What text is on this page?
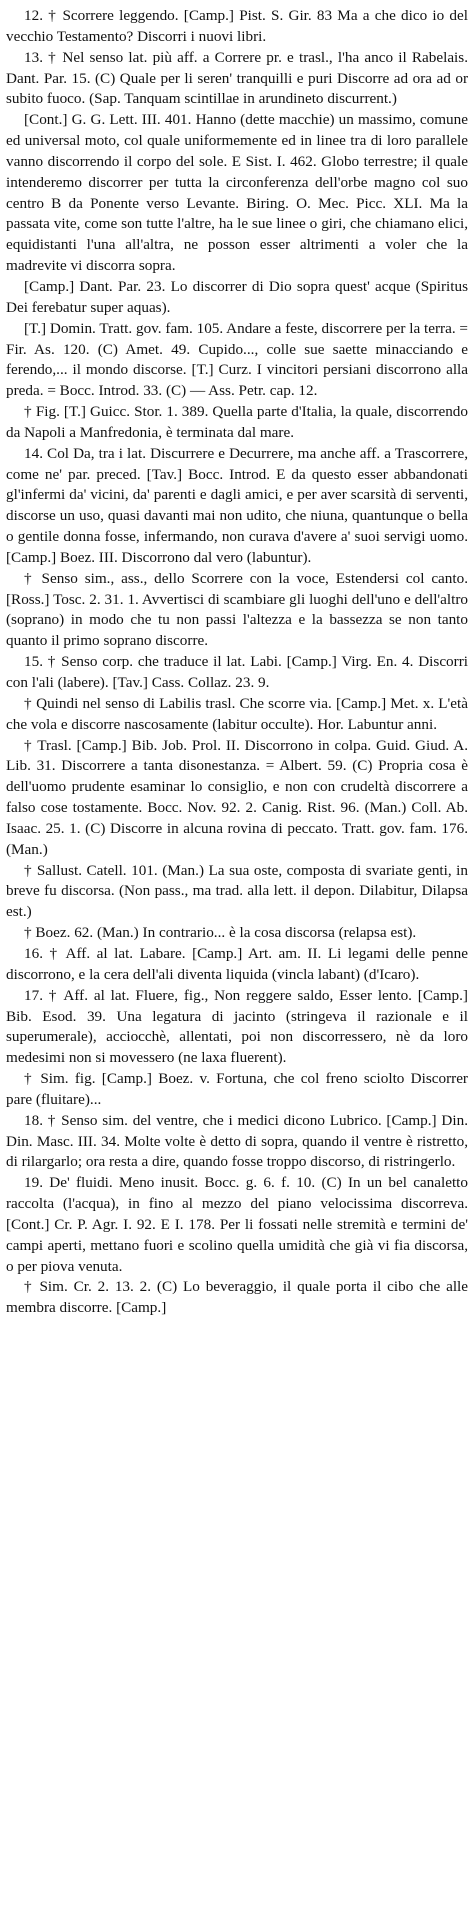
12. † Scorrere leggendo. [Camp.] Pist. S. Gir. 83 Ma a che dico io del vecchio Testamento? Discorri i nuovi libri.

13. † Nel senso lat. più aff. a Correre pr. e trasl., l'ha anco il Rabelais. Dant. Par. 15. (C) Quale per li seren' tranquilli e puri Discorre ad ora ad or subito fuoco. (Sap. Tanquam scintillae in arundineto discurrent.)

[Cont.] G. G. Lett. III. 401. Hanno (dette macchie) un massimo, comune ed universal moto, col quale uniformemente ed in linee tra di loro parallele vanno discorrendo il corpo del sole. E Sist. I. 462. Globo terrestre; il quale intenderemo discorrer per tutta la circonferenza dell'orbe magno col suo centro B da Ponente verso Levante. Biring. O. Mec. Picc. XLI. Ma la passata vite, come son tutte l'altre, ha le sue linee o giri, che chiamano elici, equidistanti l'una all'altra, ne posson esser altrimenti a voler che la madrevite vi discorra sopra.

[Camp.] Dant. Par. 23. Lo discorrer di Dio sopra quest' acque (Spiritus Dei ferebatur super aquas).

[T.] Domin. Tratt. gov. fam. 105. Andare a feste, discorrere per la terra. = Fir. As. 120. (C) Amet. 49. Cupido..., colle sue saette minacciando e ferendo,... il mondo discorse. [T.] Curz. I vincitori persiani discorrono alla preda. = Bocc. Introd. 33. (C) — Ass. Petr. cap. 12.

† Fig. [T.] Guicc. Stor. 1. 389. Quella parte d'Italia, la quale, discorrendo da Napoli a Manfredonia, è terminata dal mare.

14. Col Da, tra i lat. Discurrere e Decurrere, ma anche aff. a Trascorrere, come ne' par. preced. [Tav.] Bocc. Introd. E da questo esser abbandonati gl'infermi da' vicini, da' parenti e dagli amici, e per aver scarsità di serventi, discorse un uso, quasi davanti mai non udito, che niuna, quantunque o bella o gentile donna fosse, infermando, non curava d'avere a' suoi servigi uomo. [Camp.] Boez. III. Discorrono dal vero (labuntur).

† Senso sim., ass., dello Scorrere con la voce, Estendersi col canto. [Ross.] Tosc. 2. 31. 1. Avvertisci di scambiare gli luoghi dell'uno e dell'altro (soprano) in modo che tu non passi l'altezza e la bassezza se non tanto quanto il primo soprano discorre.

15. † Senso corp. che traduce il lat. Labi. [Camp.] Virg. En. 4. Discorri con l'ali (labere). [Tav.] Cass. Collaz. 23. 9.

† Quindi nel senso di Labilis trasl. Che scorre via. [Camp.] Met. x. L'età che vola e discorre nascosamente (labitur occulte). Hor. Labuntur anni.

† Trasl. [Camp.] Bib. Job. Prol. II. Discorrono in colpa. Guid. Giud. A. Lib. 31. Discorrere a tanta disonestanza. = Albert. 59. (C) Propria cosa è dell'uomo prudente esaminar lo consiglio, e non con crudeltà discorrere a falso cose tostamente. Bocc. Nov. 92. 2. Canig. Rist. 96. (Man.) Coll. Ab. Isaac. 25. 1. (C) Discorre in alcuna rovina di peccato. Tratt. gov. fam. 176. (Man.)

† Sallust. Catell. 101. (Man.) La sua oste, composta di svariate genti, in breve fu discorsa. (Non pass., ma trad. alla lett. il depon. Dilabitur, Dilapsa est.)

† Boez. 62. (Man.) In contrario... è la cosa discorsa (relapsa est).

16. † Aff. al lat. Labare. [Camp.] Art. am. II. Li legami delle penne discorrono, e la cera dell'ali diventa liquida (vincla labant) (d'Icaro).

17. † Aff. al lat. Fluere, fig., Non reggere saldo, Esser lento. [Camp.] Bib. Esod. 39. Una legatura di jacinto (stringeva il razionale e il superumerale), acciocchè, allentati, poi non discorressero, nè da loro medesimi non si movessero (ne laxa fluerent).

† Sim. fig. [Camp.] Boez. v. Fortuna, che col freno sciolto Discorrer pare (fluitare)...

18. † Senso sim. del ventre, che i medici dicono Lubrico. [Camp.] Din. Din. Masc. III. 34. Molte volte è detto di sopra, quando il ventre è ristretto, di rilargarlo; ora resta a dire, quando fosse troppo discorso, di ristringerlo.

19. De' fluidi. Meno inusit. Bocc. g. 6. f. 10. (C) In un bel canaletto raccolta (l'acqua), in fino al mezzo del piano velocissima discorreva. [Cont.] Cr. P. Agr. I. 92. E I. 178. Per li fossati nelle stremità e termini de' campi aperti, mettano fuori e scolino quella umidità che già vi fia discorsa, o per piova venuta.

† Sim. Cr. 2. 13. 2. (C) Lo beveraggio, il quale porta il cibo che alle membra discorre. [Camp.]
